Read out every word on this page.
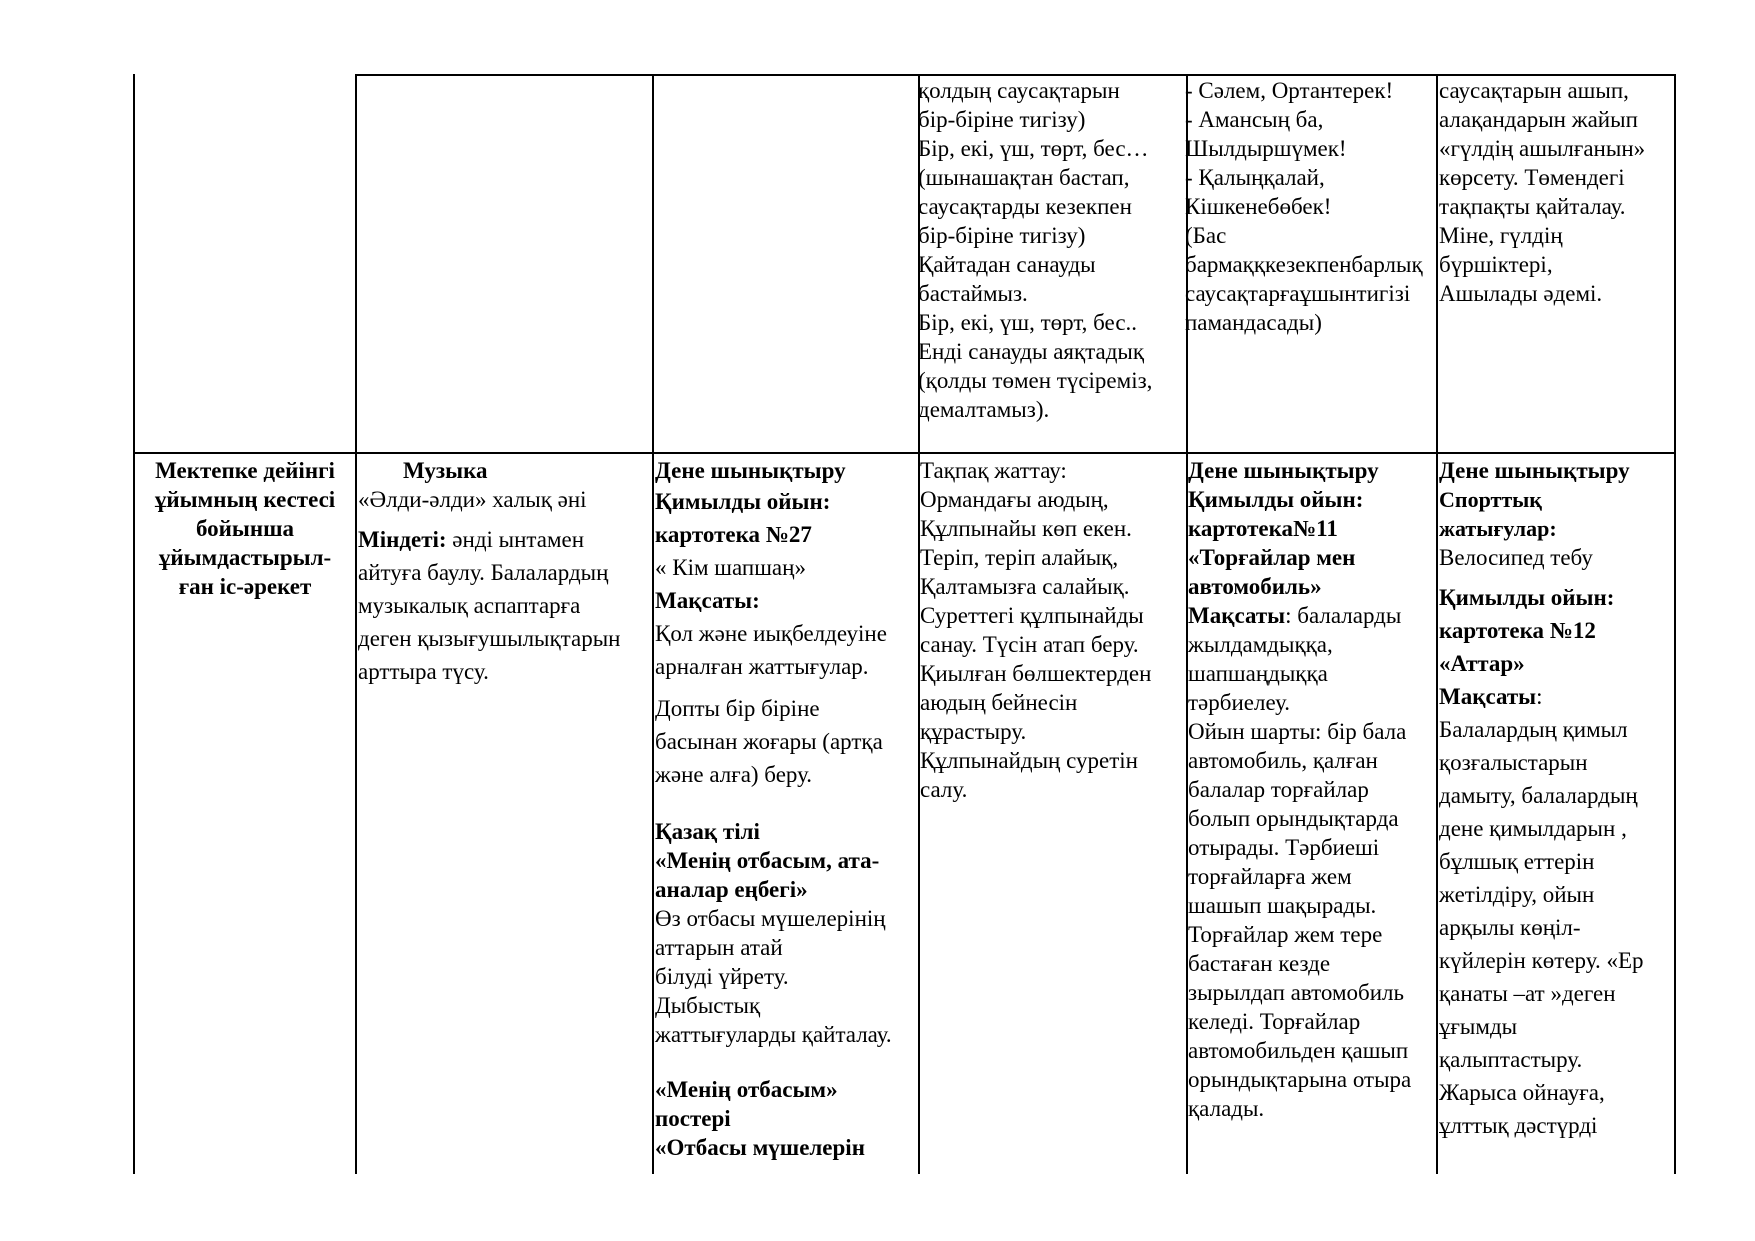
қолдың саусақтарын
бір-біріне тигізу)
Бір, екі, үш, төрт, бес…
(шынашақтан бастап,
саусақтарды кезекпен
бір-біріне тигізу)
Қайтадан санауды
бастаймыз.
Бір, екі, үш, төрт, бес..
Енді санауды аяқтадық
(қолды төмен түсіреміз,
демалтамыз).
- Сәлем, Ортантерек!
- Амансың ба,
Шылдыршүмек!
- Қалыңқалай,
Кішкенебөбек!
(Бас
бармаққкезекпенбарлық
саусақтарғаұшынтигізі
памандасады)
саусақтарын ашып,
алақандарын жайып
«гүлдің ашылғанын»
көрсету. Төмендегі
тақпақты қайталау.
Міне, гүлдің
бүршіктері,
Ашылады әдемі.
Мектепке дейінгі
ұйымның кестесі
бойынша
ұйымдастырыл-
ған іс-әрекет
Музыка
«Әлди-әлди» халық әні
Міндеті: әнді ынтамен
айтуға баулу. Балалардың
музыкалық аспаптарға
деген қызығушылықтарын
арттыра түсу.
Дене шынықтыру
Қимылды ойын:
картотека №27
« Кім шапшаң»
Мақсаты:
Қол және иықбелдеуіне
арналған жаттығулар.
Допты бір біріне
басынан жоғары (артқа
және алға) беру.
Қазақ тілі
«Менің отбасым, ата-
аналар еңбегі»
Өз отбасы мүшелерінің
аттарын атай
білуді үйрету.
Дыбыстық
жаттығуларды қайталау.
«Менің отбасым»
постері
«Отбасы мүшелерін
Тақпақ жаттау:
Ормандағы аюдың,
Құлпынайы көп екен.
Теріп, теріп алайық,
Қалтамызға салайық.
Суреттегі құлпынайды
санау. Түсін атап беру.
Қиылған бөлшектерден
аюдың бейнесін
құрастыру.
Құлпынайдың суретін
салу.
Дене шынықтыру
Қимылды ойын:
картотека№11
«Торғайлар мен
автомобиль»
Мақсаты: балаларды
жылдамдыққа,
шапшаңдыққа
тәрбиелеу.
Ойын шарты: бір бала
автомобиль, қалған
балалар торғайлар
болып орындықтарда
отырады. Тәрбиеші
торғайларға жем
шашып шақырады.
Торғайлар жем тере
бастаған кезде
зырылдап автомобиль
келеді. Торғайлар
автомобильден қашып
орындықтарына отыра
қалады.
Дене шынықтыру
Спорттық
жатығулар:
Велосипед тебу
Қимылды ойын:
картотека №12
«Аттар»
Мақсаты:
Балалардың қимыл
қозғалыстарын
дамыту, балалардың
дене қимылдарын ,
бұлшық еттерін
жетілдіру, ойын
арқылы көңіл-
күйлерін көтеру. «Ер
қанаты –ат »деген
ұғымды
қалыптастыру.
Жарыса ойнауға,
ұлттық дәстүрді
